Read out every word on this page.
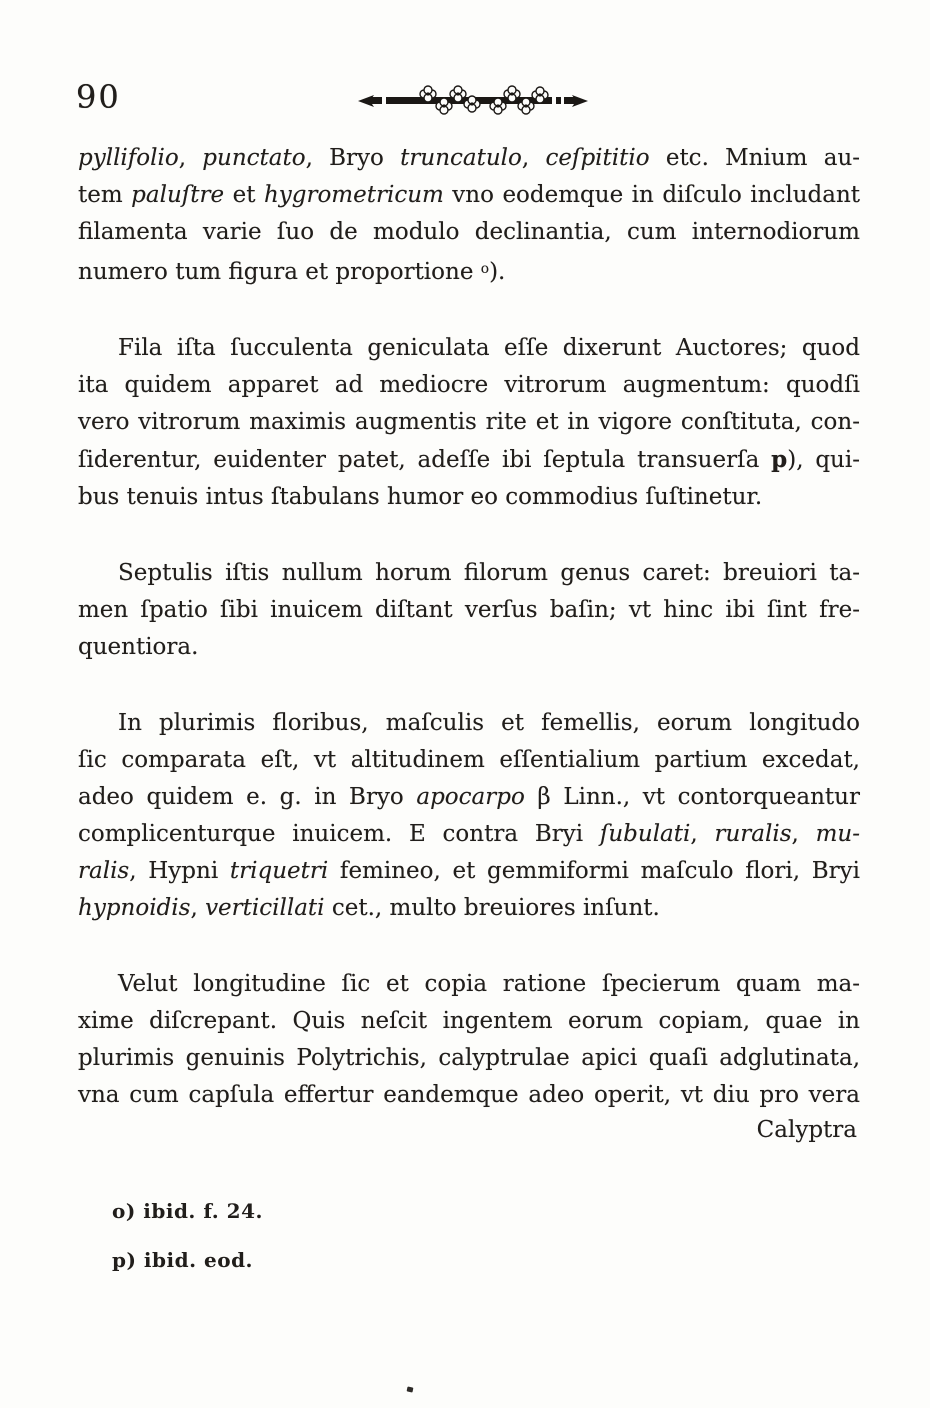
90
pyllifolio, punctato, Bryo truncatulo, ceſpititio etc. Mnium au-
tem paluſtre et hygrometricum vno eodemque in diſculo includant
filamenta varie ſuo de modulo declinantia, cum internodiorum
numero tum figura et proportione $^o$).
Fila iſta ſucculenta geniculata eſſe dixerunt Auctores; quod
ita quidem apparet ad mediocre vitrorum augmentum: quodſi
vero vitrorum maximis augmentis rite et in vigore conſtituta, con-
ſiderentur, euidenter patet, adeſſe ibi ſeptula transuerſa p), qui-
bus tenuis intus ſtabulans humor eo commodius ſuſtinetur.
Septulis iſtis nullum horum filorum genus caret: breuiori ta-
men ſpatio ſibi inuicem diſtant verſus baſin; vt hinc ibi ſint fre-
quentiora.
In plurimis floribus, maſculis et femellis, eorum longitudo
ſic comparata eſt, vt altitudinem eſſentialium partium excedat,
adeo quidem e. g. in Bryo apocarpo β Linn., vt contorqueantur
complicenturque inuicem. E contra Bryi ſubulati, ruralis, mu-
ralis, Hypni triquetri femineo, et gemmiformi maſculo flori, Bryi
hypnoidis, verticillati cet., multo breuiores inſunt.
Velut longitudine ſic et copia ratione ſpecierum quam ma-
xime diſcrepant. Quis neſcit ingentem eorum copiam, quae in
plurimis genuinis Polytrichis, calyptrulae apici quaſi adglutinata,
vna cum capſula effertur eandemque adeo operit, vt diu pro vera
Calyptra
o) ibid. f. 24.
p) ibid. eod.
